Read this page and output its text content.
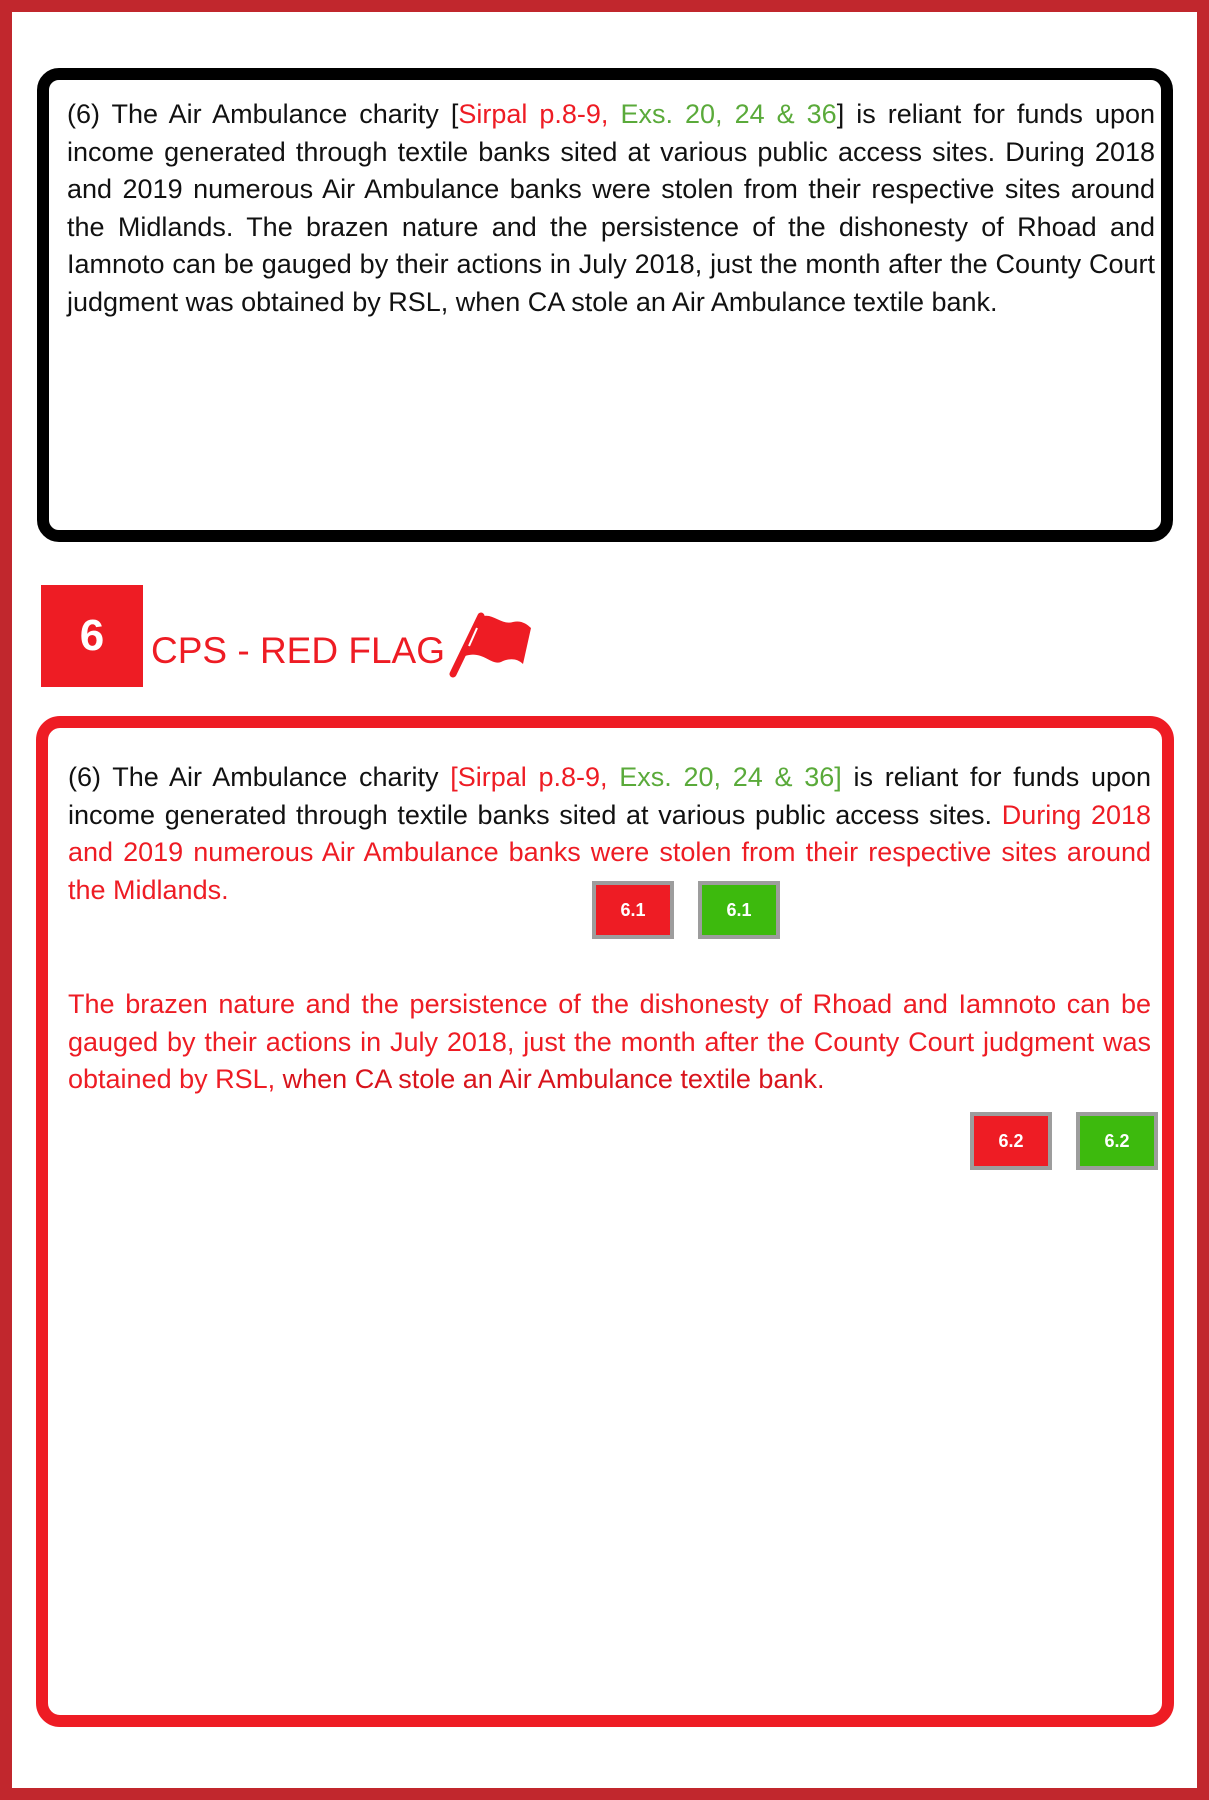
(6) The Air Ambulance charity [Sirpal p.8-9, Exs. 20, 24 & 36] is reliant for funds upon income generated through textile banks sited at various public access sites. During 2018 and 2019 numerous Air Ambulance banks were stolen from their respective sites around the Midlands. The brazen nature and the persistence of the dishonesty of Rhoad and Iamnoto can be gauged by their actions in July 2018, just the month after the County Court judgment was obtained by RSL, when CA stole an Air Ambulance textile bank.

6	CPS - RED FLAG

(6) The Air Ambulance charity [Sirpal p.8-9, Exs. 20, 24 & 36] is reliant for funds upon income generated through textile banks sited at various public access sites. During 2018 and 2019 numerous Air Ambulance banks were stolen from their respective sites around the Midlands.

6.1	6.1

The brazen nature and the persistence of the dishonesty of Rhoad and Iamnoto can be gauged by their actions in July 2018, just the month after the County Court judgment was obtained by RSL, when CA stole an Air Ambulance textile bank.

6.2	6.2
